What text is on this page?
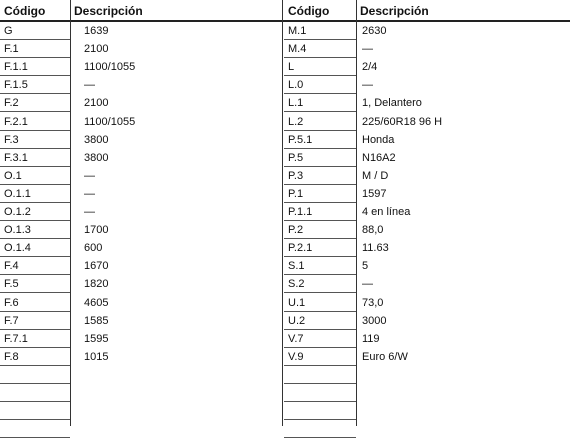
Código	Descripción
G
F.1
F.1.1
F.1.5
F.2
F.2.1
F.3
F.3.1
O.1
O.1.1
O.1.2
O.1.3
O.1.4
F.4
F.5
F.6
F.7
F.7.1
F.8
1639
2100
1100/1055
—
2100
1100/1055
3800
3800
—
—
—
1700
600
1670
1820
4605
1585
1595
1015
Código	Descripción
M.1
M.4
L
L.0
L.1
L.2
P.5.1
P.5
P.3
P.1
P.1.1
P.2
P.2.1
S.1
S.2
U.1
U.2
V.7
V.9
2630
—
2/4
—
1, Delantero
225/60R18 96 H
Honda
N16A2
M / D
1597
4 en línea
88,0
11.63
5
—
73,0
3000
119
Euro 6/W
